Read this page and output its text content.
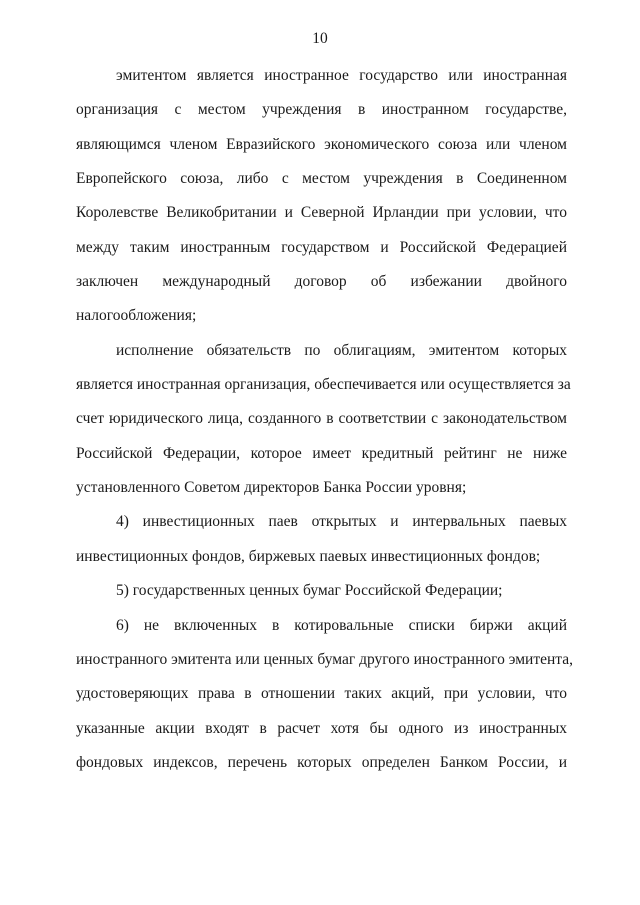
10
эмитентом является иностранное государство или иностранная
организация с местом учреждения в иностранном государстве,
являющимся членом Евразийского экономического союза или членом
Европейского союза, либо с местом учреждения в Соединенном
Королевстве Великобритании и Северной Ирландии при условии, что
между таким иностранным государством и Российской Федерацией
заключен международный договор об избежании двойного
налогообложения;
исполнение обязательств по облигациям, эмитентом которых
является иностранная организация, обеспечивается или осуществляется за
счет юридического лица, созданного в соответствии с законодательством
Российской Федерации, которое имеет кредитный рейтинг не ниже
установленного Советом директоров Банка России уровня;
4) инвестиционных паев открытых и интервальных паевых
инвестиционных фондов, биржевых паевых инвестиционных фондов;
5) государственных ценных бумаг Российской Федерации;
6) не включенных в котировальные списки биржи акций
иностранного эмитента или ценных бумаг другого иностранного эмитента,
удостоверяющих права в отношении таких акций, при условии, что
указанные акции входят в расчет хотя бы одного из иностранных
фондовых индексов, перечень которых определен Банком России, и
